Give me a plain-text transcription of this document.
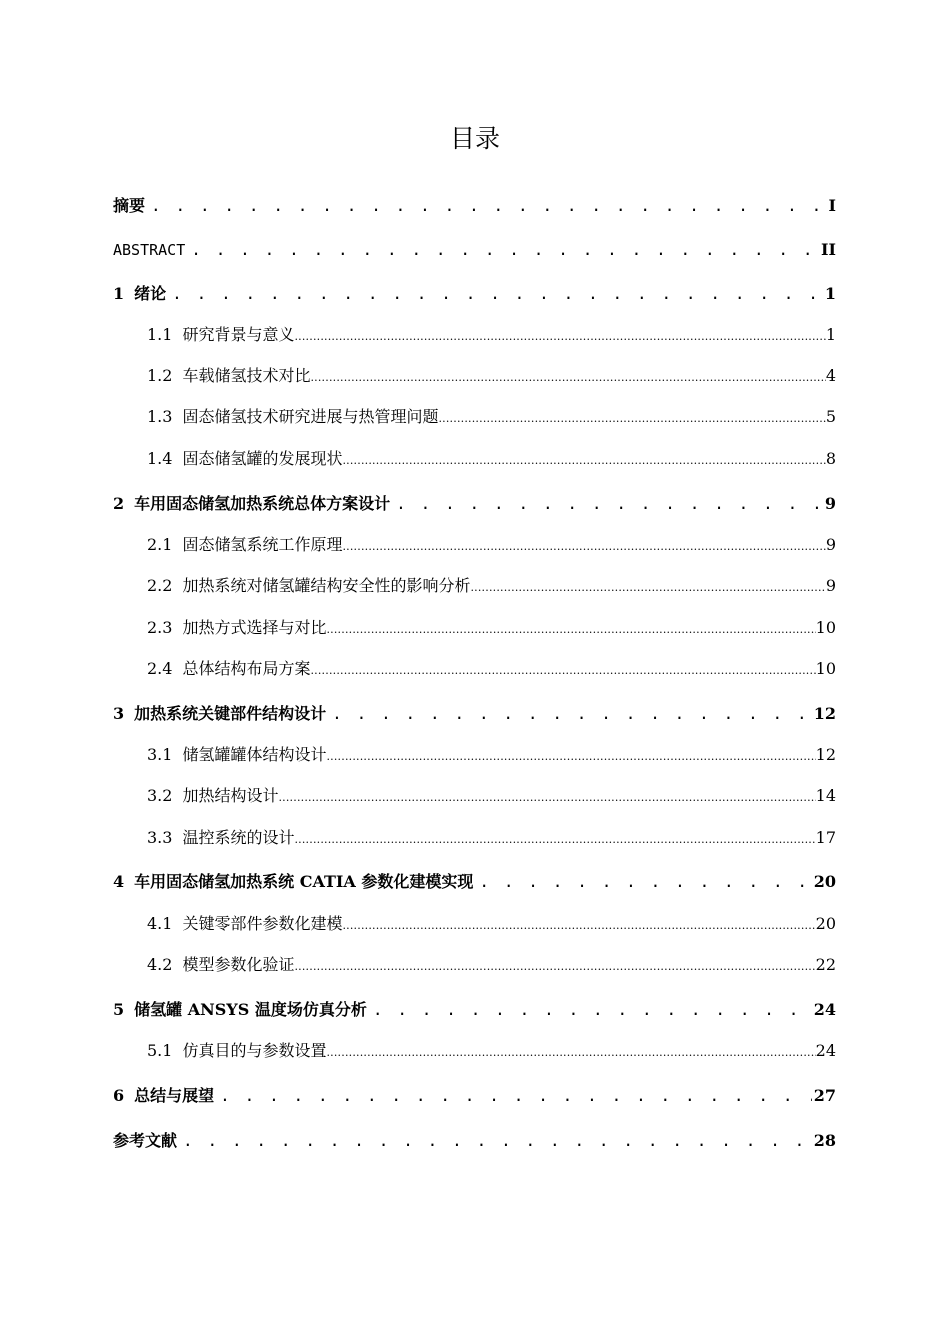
目录
摘要 . . .	I
ABSTRACT . . .	II
1 绪论 . . .	1
1.1 研究背景与意义 .....	1
1.2 车载储氢技术对比 .....	4
1.3 固态储氢技术研究进展与热管理问题 .....	5
1.4 固态储氢罐的发展现状 .....	8
2 车用固态储氢加热系统总体方案设计 . . .	9
2.1 固态储氢系统工作原理 .....	9
2.2 加热系统对储氢罐结构安全性的影响分析 .....	9
2.3 加热方式选择与对比 .....	10
2.4 总体结构布局方案 .....	10
3 加热系统关键部件结构设计 . . .	12
3.1 储氢罐罐体结构设计 .....	12
3.2 加热结构设计 .....	14
3.3 温控系统的设计 .....	17
4 车用固态储氢加热系统 CATIA 参数化建模实现 . . .	20
4.1 关键零部件参数化建模 .....	20
4.2 模型参数化验证 .....	22
5 储氢罐 ANSYS 温度场仿真分析 . . .	24
5.1 仿真目的与参数设置 .....	24
6 总结与展望 . . .	27
参考文献 . . .	28
